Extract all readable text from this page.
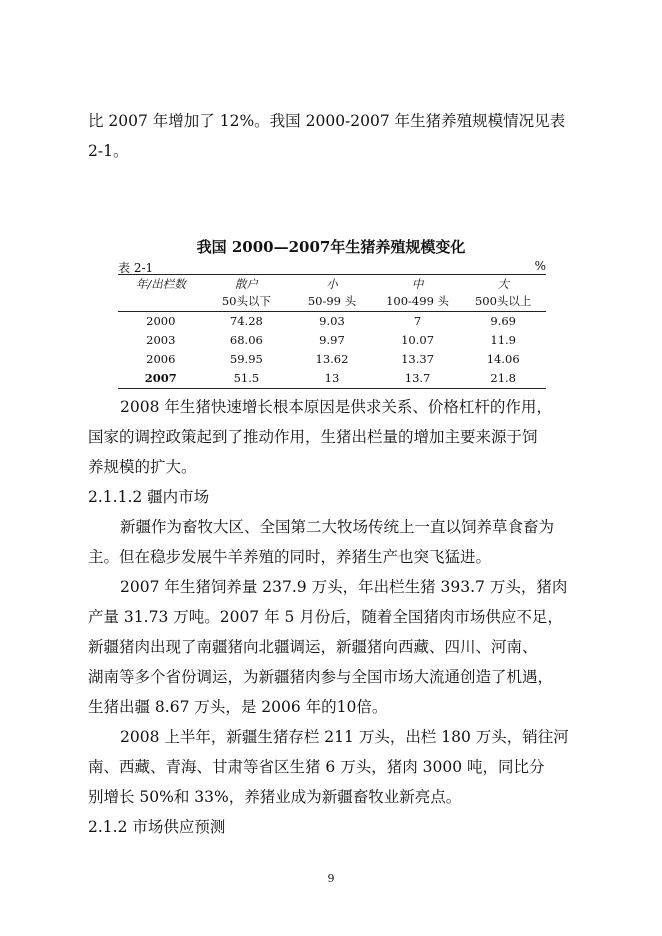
比 2007 年增加了 12%。我国 2000-2007 年生猪养殖规模情况见表
2-1。
我国 2000—2007年生猪养殖规模变化
表 2-1	%
年/出栏数	散户	小	中	大
	50头以下	50-99 头	100-499 头	500头以上
2000	74.28	9.03	7	9.69
2003	68.06	9.97	10.07	11.9
2006	59.95	13.62	13.37	14.06
2007	51.5	13	13.7	21.8
2008 年生猪快速增长根本原因是供求关系、价格杠杆的作用，
国家的调控政策起到了推动作用，生猪出栏量的增加主要来源于饲
养规模的扩大。
2.1.1.2 疆内市场
新疆作为畜牧大区、全国第二大牧场传统上一直以饲养草食畜为
主。但在稳步发展牛羊养殖的同时，养猪生产也突飞猛进。
2007 年生猪饲养量 237.9 万头，年出栏生猪 393.7 万头，猪肉
产量 31.73 万吨。2007 年 5 月份后，随着全国猪肉市场供应不足，
新疆猪肉出现了南疆猪向北疆调运，新疆猪向西藏、四川、河南、
湖南等多个省份调运，为新疆猪肉参与全国市场大流通创造了机遇，
生猪出疆 8.67 万头，是 2006 年的10倍。
2008 上半年，新疆生猪存栏 211 万头，出栏 180 万头，销往河
南、西藏、青海、甘肃等省区生猪 6 万头，猪肉 3000 吨，同比分
别增长 50%和 33%，养猪业成为新疆畜牧业新亮点。
2.1.2 市场供应预测
9
